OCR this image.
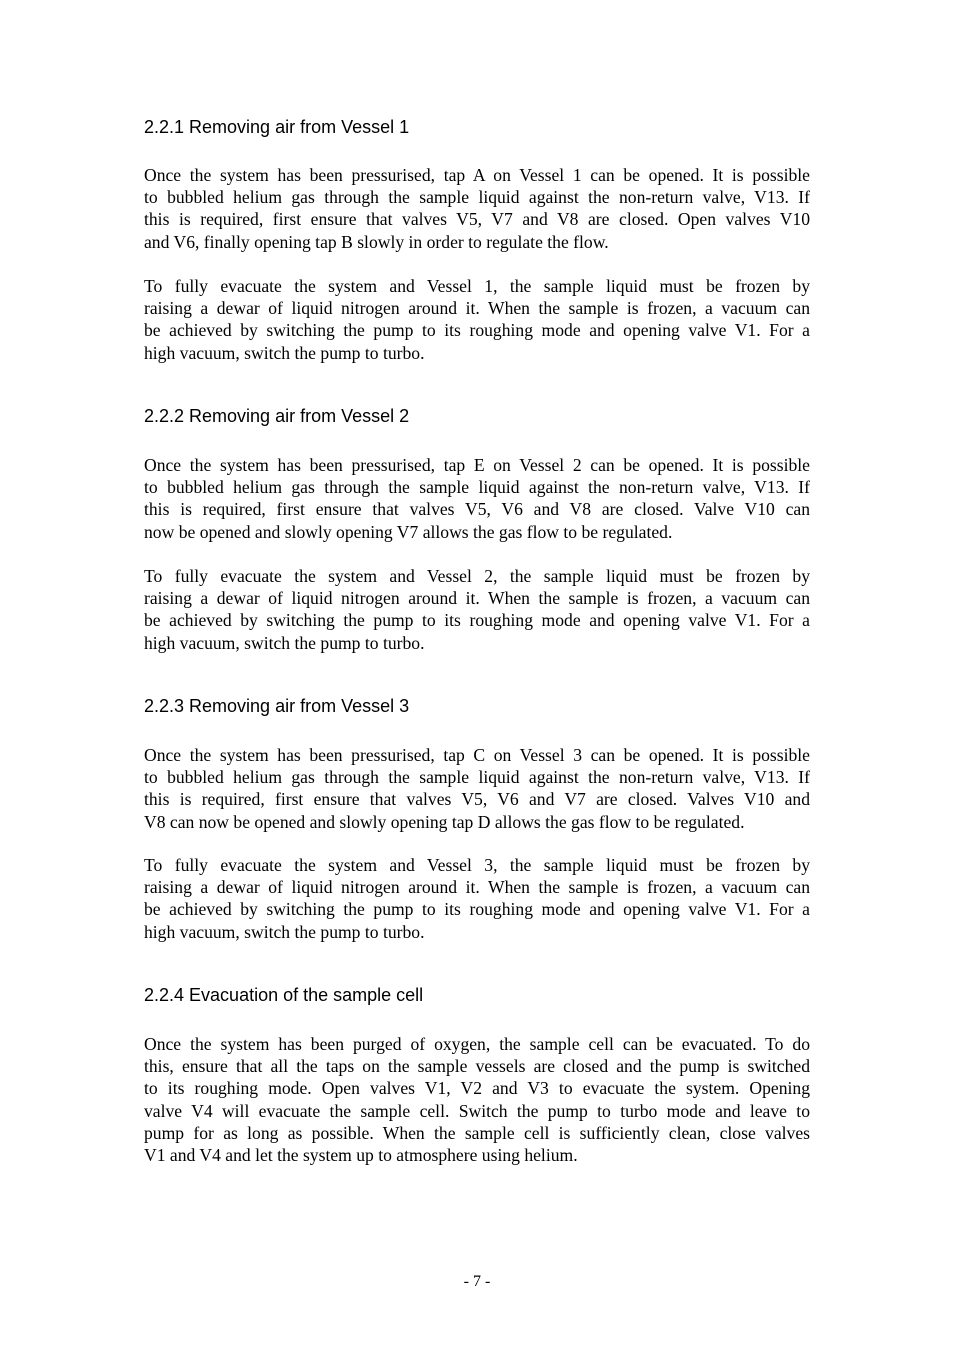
2.2.1 Removing air from Vessel 1
Once the system has been pressurised, tap A on Vessel 1 can be opened. It is possible
to bubbled helium gas through the sample liquid against the non-return valve, V13. If
this is required, first ensure that valves V5, V7 and V8 are closed. Open valves V10
and V6, finally opening tap B slowly in order to regulate the flow.
To fully evacuate the system and Vessel 1, the sample liquid must be frozen by
raising a dewar of liquid nitrogen around it. When the sample is frozen, a vacuum can
be achieved by switching the pump to its roughing mode and opening valve V1. For a
high vacuum, switch the pump to turbo.
2.2.2 Removing air from Vessel 2
Once the system has been pressurised, tap E on Vessel 2 can be opened. It is possible
to bubbled helium gas through the sample liquid against the non-return valve, V13. If
this is required, first ensure that valves V5, V6 and V8 are closed. Valve V10 can
now be opened and slowly opening V7 allows the gas flow to be regulated.
To fully evacuate the system and Vessel 2, the sample liquid must be frozen by
raising a dewar of liquid nitrogen around it. When the sample is frozen, a vacuum can
be achieved by switching the pump to its roughing mode and opening valve V1. For a
high vacuum, switch the pump to turbo.
2.2.3 Removing air from Vessel 3
Once the system has been pressurised, tap C on Vessel 3 can be opened. It is possible
to bubbled helium gas through the sample liquid against the non-return valve, V13. If
this is required, first ensure that valves V5, V6 and V7 are closed. Valves V10 and
V8 can now be opened and slowly opening tap D allows the gas flow to be regulated.
To fully evacuate the system and Vessel 3, the sample liquid must be frozen by
raising a dewar of liquid nitrogen around it. When the sample is frozen, a vacuum can
be achieved by switching the pump to its roughing mode and opening valve V1. For a
high vacuum, switch the pump to turbo.
2.2.4 Evacuation of the sample cell
Once the system has been purged of oxygen, the sample cell can be evacuated. To do
this, ensure that all the taps on the sample vessels are closed and the pump is switched
to its roughing mode. Open valves V1, V2 and V3 to evacuate the system. Opening
valve V4 will evacuate the sample cell. Switch the pump to turbo mode and leave to
pump for as long as possible. When the sample cell is sufficiently clean, close valves
V1 and V4 and let the system up to atmosphere using helium.

- 7 -
